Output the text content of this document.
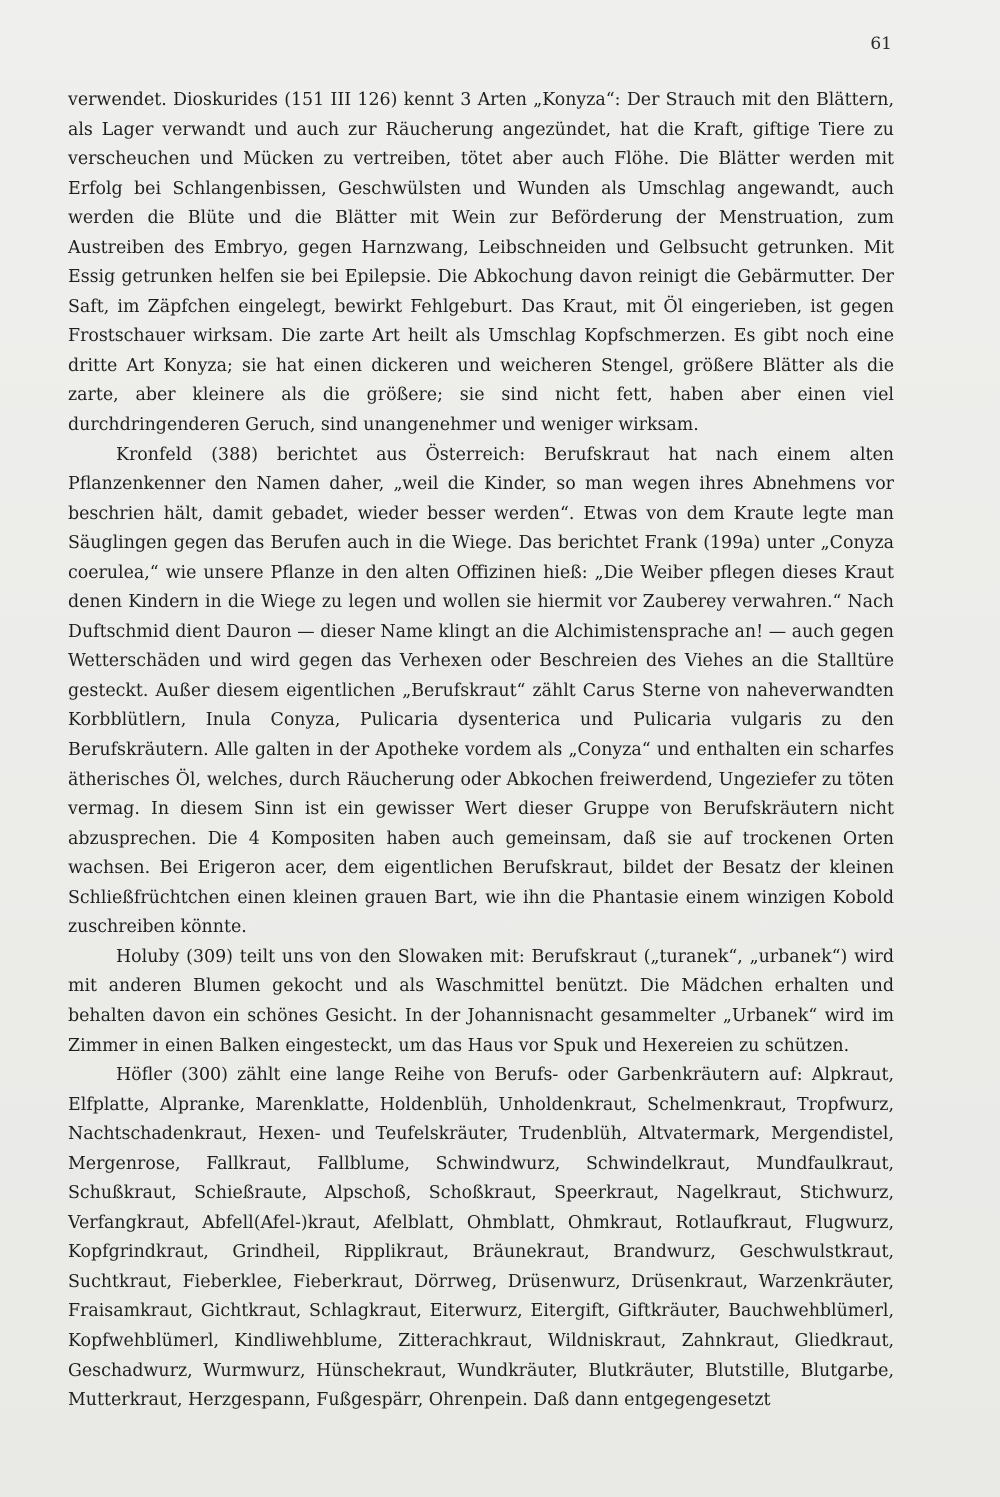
61

verwendet. Dioskurides (151 III 126) kennt 3 Arten „Konyza“: Der Strauch mit den Blättern, als Lager verwandt und auch zur Räucherung angezündet, hat die Kraft, giftige Tiere zu verscheuchen und Mücken zu vertreiben, tötet aber auch Flöhe. Die Blätter werden mit Erfolg bei Schlangenbissen, Geschwülsten und Wunden als Umschlag angewandt, auch werden die Blüte und die Blätter mit Wein zur Beförderung der Menstruation, zum Austreiben des Embryo, gegen Harnzwang, Leibschneiden und Gelbsucht getrunken. Mit Essig getrunken helfen sie bei Epilepsie. Die Abkochung davon reinigt die Gebärmutter. Der Saft, im Zäpfchen eingelegt, bewirkt Fehlgeburt. Das Kraut, mit Öl eingerieben, ist gegen Frostschauer wirksam. Die zarte Art heilt als Umschlag Kopfschmerzen. Es gibt noch eine dritte Art Konyza; sie hat einen dickeren und weicheren Stengel, größere Blätter als die zarte, aber kleinere als die größere; sie sind nicht fett, haben aber einen viel durchdringenderen Geruch, sind unangenehmer und weniger wirksam.

Kronfeld (388) berichtet aus Österreich: Berufskraut hat nach einem alten Pflanzenkenner den Namen daher, „weil die Kinder, so man wegen ihres Abnehmens vor beschrien hält, damit gebadet, wieder besser werden“. Etwas von dem Kraute legte man Säuglingen gegen das Berufen auch in die Wiege. Das berichtet Frank (199a) unter „Conyza coerulea,“ wie unsere Pflanze in den alten Offizinen hieß: „Die Weiber pflegen dieses Kraut denen Kindern in die Wiege zu legen und wollen sie hiermit vor Zauberey verwahren.“ Nach Duftschmid dient Dauron — dieser Name klingt an die Alchimistensprache an! — auch gegen Wetterschäden und wird gegen das Verhexen oder Beschreien des Viehes an die Stalltüre gesteckt. Außer diesem eigentlichen „Berufskraut“ zählt Carus Sterne von naheverwandten Korbblütlern, Inula Conyza, Pulicaria dysenterica und Pulicaria vulgaris zu den Berufskräutern. Alle galten in der Apotheke vordem als „Conyza“ und enthalten ein scharfes ätherisches Öl, welches, durch Räucherung oder Abkochen freiwerdend, Ungeziefer zu töten vermag. In diesem Sinn ist ein gewisser Wert dieser Gruppe von Berufskräutern nicht abzusprechen. Die 4 Kompositen haben auch gemeinsam, daß sie auf trockenen Orten wachsen. Bei Erigeron acer, dem eigentlichen Berufskraut, bildet der Besatz der kleinen Schließfrüchtchen einen kleinen grauen Bart, wie ihn die Phantasie einem winzigen Kobold zuschreiben könnte.

Holuby (309) teilt uns von den Slowaken mit: Berufskraut („turanek“, „urbanek“) wird mit anderen Blumen gekocht und als Waschmittel benützt. Die Mädchen erhalten und behalten davon ein schönes Gesicht. In der Johannisnacht gesammelter „Urbanek“ wird im Zimmer in einen Balken eingesteckt, um das Haus vor Spuk und Hexereien zu schützen.

Höfler (300) zählt eine lange Reihe von Berufs- oder Garbenkräutern auf: Alpkraut, Elfplatte, Alpranke, Marenklatte, Holdenblüh, Unholdenkraut, Schelmenkraut, Tropfwurz, Nachtschadenkraut, Hexen- und Teufelskräuter, Trudenblüh, Altvatermark, Mergendistel, Mergenrose, Fallkraut, Fallblume, Schwindwurz, Schwindelkraut, Mundfaulkraut, Schußkraut, Schießraute, Alpschoß, Schoßkraut, Speerkraut, Nagelkraut, Stichwurz, Verfangkraut, Abfell(Afel-)kraut, Afelblatt, Ohmblatt, Ohmkraut, Rotlaufkraut, Flugwurz, Kopfgrindkraut, Grindheil, Ripplikraut, Bräunekraut, Brandwurz, Geschwulstkraut, Suchtkraut, Fieberklee, Fieberkraut, Dörrweg, Drüsenwurz, Drüsenkraut, Warzenkräuter, Fraisamkraut, Gichtkraut, Schlagkraut, Eiterwurz, Eitergift, Giftkräuter, Bauchwehblümerl, Kopfwehblümerl, Kindliwehblume, Zitterachkraut, Wildniskraut, Zahnkraut, Gliedkraut, Geschadwurz, Wurmwurz, Hünschekraut, Wundkräuter, Blutkräuter, Blutstille, Blutgarbe, Mutterkraut, Herzgespann, Fußgespärr, Ohrenpein. Daß dann entgegengesetzt
